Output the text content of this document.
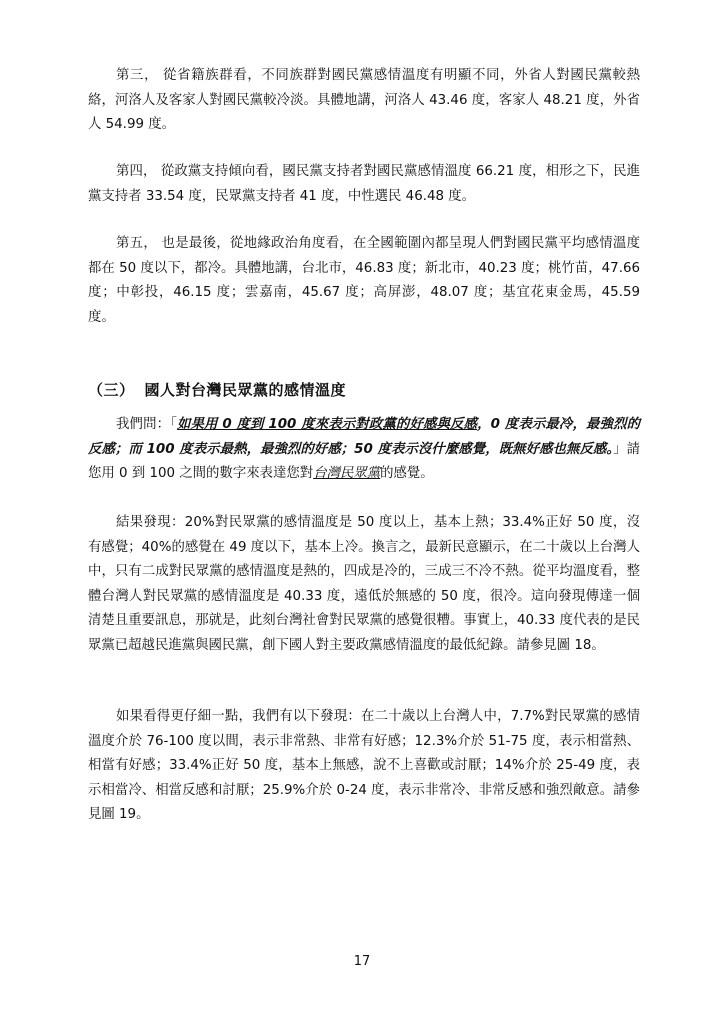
第三， 從省籍族群看，不同族群對國民黨感情溫度有明顯不同，外省人對國民黨較熱絡，河洛人及客家人對國民黨較冷淡。具體地講，河洛人 43.46 度，客家人 48.21 度，外省人 54.99 度。

第四， 從政黨支持傾向看，國民黨支持者對國民黨感情溫度 66.21 度，相形之下，民進黨支持者 33.54 度，民眾黨支持者 41 度，中性選民 46.48 度。

第五， 也是最後，從地緣政治角度看，在全國範圍內都呈現人們對國民黨平均感情溫度都在 50 度以下，都冷。具體地講，台北市，46.83 度；新北市，40.23 度；桃竹苗，47.66 度；中彰投，46.15 度；雲嘉南，45.67 度；高屏澎，48.07 度；基宜花東金馬，45.59 度。

（三） 國人對台灣民眾黨的感情溫度

我們問：「如果用 0 度到 100 度來表示對政黨的好感與反感，0 度表示最冷，最強烈的反感；而 100 度表示最熱，最強烈的好感；50 度表示沒什麼感覺，既無好感也無反感。」請您用 0 到 100 之間的數字來表達您對台灣民眾黨的感覺。

結果發現：20%對民眾黨的感情溫度是 50 度以上，基本上熱；33.4%正好 50 度，沒有感覺；40%的感覺在 49 度以下，基本上冷。換言之，最新民意顯示，在二十歲以上台灣人中，只有二成對民眾黨的感情溫度是熱的，四成是冷的，三成三不冷不熱。從平均溫度看，整體台灣人對民眾黨的感情溫度是 40.33 度，遠低於無感的 50 度，很冷。這向發現傳達一個清楚且重要訊息，那就是，此刻台灣社會對民眾黨的感覺很糟。事實上，40.33 度代表的是民眾黨已超越民進黨與國民黨，創下國人對主要政黨感情溫度的最低紀錄。請參見圖 18。

如果看得更仔細一點，我們有以下發現：在二十歲以上台灣人中，7.7%對民眾黨的感情溫度介於 76-100 度以間，表示非常熱、非常有好感；12.3%介於 51-75 度，表示相當熱、相當有好感；33.4%正好 50 度，基本上無感，說不上喜歡或討厭；14%介於 25-49 度，表示相當冷、相當反感和討厭；25.9%介於 0-24 度，表示非常冷、非常反感和強烈敵意。請參見圖 19。

17
